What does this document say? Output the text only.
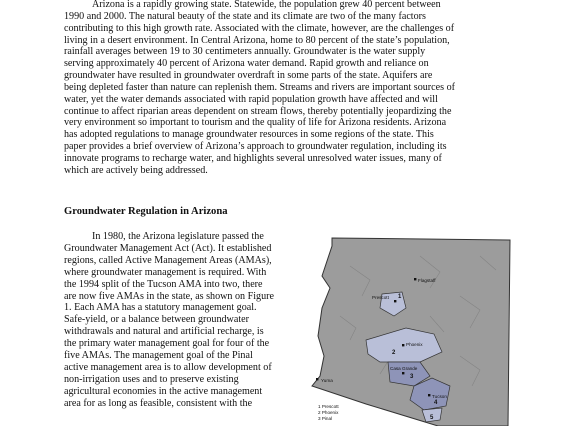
Arizona is a rapidly growing state. Statewide, the population grew 40 percent between
1990 and 2000. The natural beauty of the state and its climate are two of the many factors
contributing to this high growth rate. Associated with the climate, however, are the challenges of
living in a desert environment. In Central Arizona, home to 80 percent of the state’s population,
rainfall averages between 19 to 30 centimeters annually. Groundwater is the water supply
serving approximately 40 percent of Arizona water demand. Rapid growth and reliance on
groundwater have resulted in groundwater overdraft in some parts of the state. Aquifers are
being depleted faster than nature can replenish them. Streams and rivers are important sources of
water, yet the water demands associated with rapid population growth have affected and will
continue to affect riparian areas dependent on stream flows, thereby potentially jeopardizing the
very environment so important to tourism and the quality of life for Arizona residents. Arizona
has adopted regulations to manage groundwater resources in some regions of the state. This
paper provides a brief overview of Arizona’s approach to groundwater regulation, including its
innovate programs to recharge water, and highlights several unresolved water issues, many of
which are actively being addressed.
Groundwater Regulation in Arizona
In 1980, the Arizona legislature passed the
Groundwater Management Act (Act). It established
regions, called Active Management Areas (AMAs),
where groundwater management is required. With
the 1994 split of the Tucson AMA into two, there
are now five AMAs in the state, as shown on Figure
1. Each AMA has a statutory management goal.
Safe-yield, or a balance between groundwater
withdrawals and natural and artificial recharge, is
the primary water management goal for four of the
five AMAs. The management goal of the Pinal
active management area is to allow development of
non-irrigation uses and to preserve existing
agricultural economies in the active management
area for as long as feasible, consistent with the
Flagstaff
Prescott
Phoenix
Yuma
Casa Grande
Tucson
1
2
3
4
5
1 Prescott
2 Phoenix
3 Pinal
